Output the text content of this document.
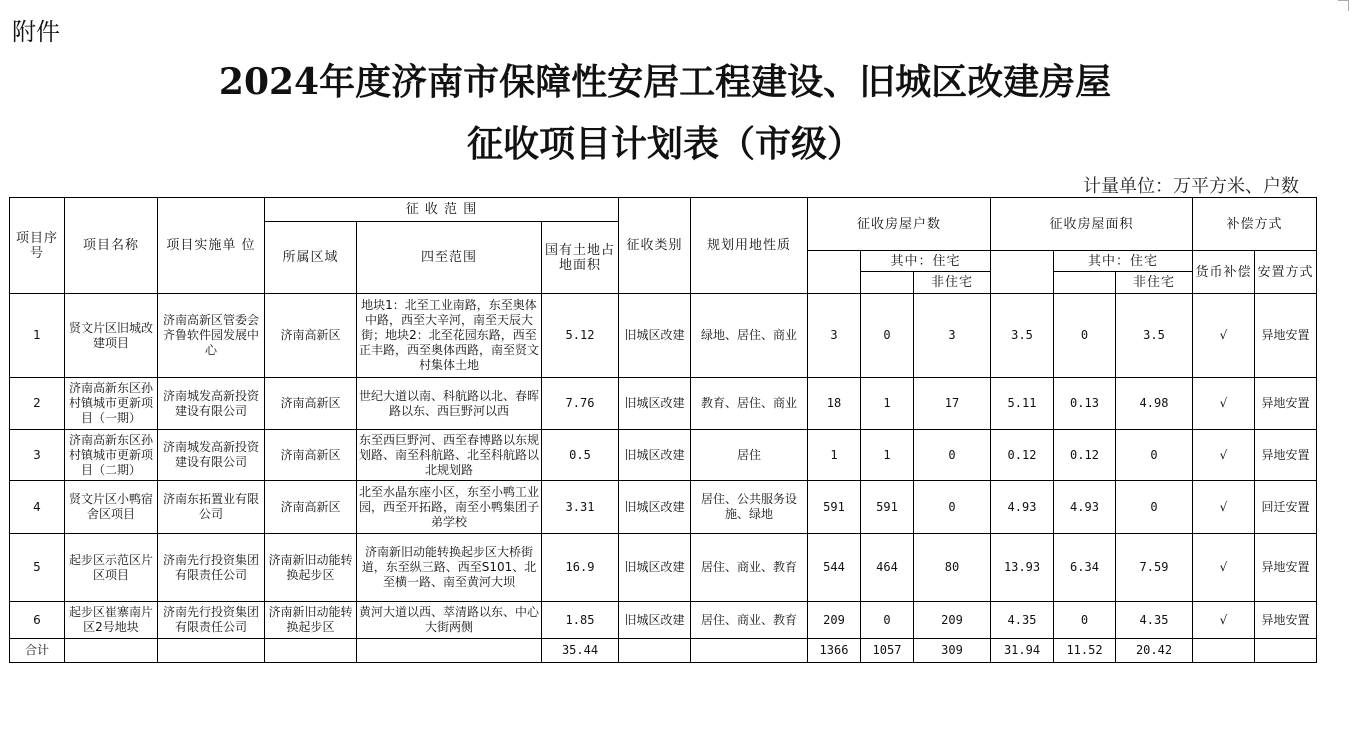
附件
2024年度济南市保障性安居工程建设、旧城区改建房屋
征收项目计划表（市级）
计量单位：万平方米、户数
项目序号	项目名称	项目实施单 位	征 收 范 围			征收类别	规划用地性质	征收房屋户数			征收房屋面积			补偿方式	
			所属区域	四至范围	国有土地占地面积										
									其中：住宅			其中：住宅		货币补偿	安置方式
										非住宅			非住宅		
1	贤文片区旧城改建项目	济南高新区管委会齐鲁软件园发展中心	济南高新区	地块1：北至工业南路，东至奥体中路，西至大辛河，南至天辰大街；地块2：北至花园东路，西至正丰路，西至奥体西路，南至贤文村集体土地	5.12	旧城区改建	绿地、居住、商业	3	0	3	3.5	0	3.5	√	异地安置
2	济南高新东区孙村镇城市更新项目（一期）	济南城发高新投资建设有限公司	济南高新区	世纪大道以南、科航路以北、春晖路以东、西巨野河以西	7.76	旧城区改建	教育、居住、商业	18	1	17	5.11	0.13	4.98	√	异地安置
3	济南高新东区孙村镇城市更新项目（二期）	济南城发高新投资建设有限公司	济南高新区	东至西巨野河、西至春博路以东规划路、南至科航路、北至科航路以北规划路	0.5	旧城区改建	居住	1	1	0	0.12	0.12	0	√	异地安置
4	贤文片区小鸭宿舍区项目	济南东拓置业有限公司	济南高新区	北至水晶东座小区，东至小鸭工业园，西至开拓路，南至小鸭集团子弟学校	3.31	旧城区改建	居住、公共服务设施、绿地	591	591	0	4.93	4.93	0	√	回迁安置
5	起步区示范区片区项目	济南先行投资集团有限责任公司	济南新旧动能转换起步区	济南新旧动能转换起步区大桥街道，东至纵三路、西至S101、北至横一路、南至黄河大坝	16.9	旧城区改建	居住、商业、教育	544	464	80	13.93	6.34	7.59	√	异地安置
6	起步区崔寨南片区2号地块	济南先行投资集团有限责任公司	济南新旧动能转换起步区	黄河大道以西、萃清路以东、中心大街两侧	1.85	旧城区改建	居住、商业、教育	209	0	209	4.35	0	4.35	√	异地安置
合计					35.44			1366	1057	309	31.94	11.52	20.42		
